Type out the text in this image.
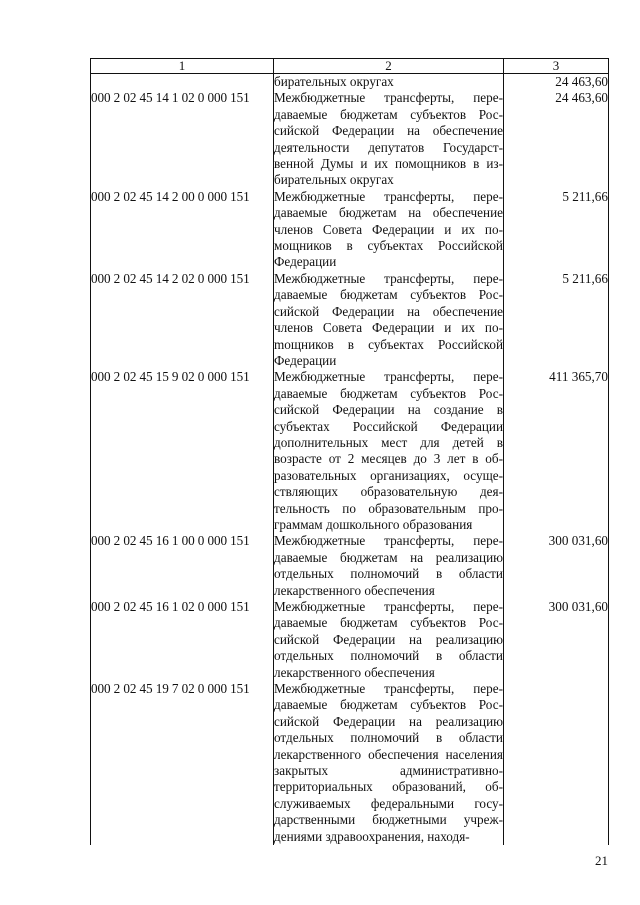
1	2	3
	бирательных округах	24 463,60
000 2 02 45 14 1 02 0 000 151	Межбюджетные трансферты, передаваемые бюджетам субъектов Российской Федерации на обеспечение деятельности депутатов Государственной Думы и их помощников в избирательных округах	24 463,60
000 2 02 45 14 2 00 0 000 151	Межбюджетные трансферты, передаваемые бюджетам на обеспечение членов Совета Федерации и их помощников в субъектах Российской Федерации	5 211,66
000 2 02 45 14 2 02 0 000 151	Межбюджетные трансферты, передаваемые бюджетам субъектов Российской Федерации на обеспечение членов Совета Федерации и их поmощников в субъектах Российской Федерации	5 211,66
000 2 02 45 15 9 02 0 000 151	Межбюджетные трансферты, передаваемые бюджетам субъектов Российской Федерации на создание в субъектах Российской Федерации дополнительных мест для детей в возрасте от 2 месяцев до 3 лет в образовательных организациях, осуществляющих образовательную деятельность по образовательным программам дошкольного образования	411 365,70
000 2 02 45 16 1 00 0 000 151	Межбюджетные трансферты, передаваемые бюджетам на реализацию отдельных полномочий в области лекарственного обеспечения	300 031,60
000 2 02 45 16 1 02 0 000 151	Межбюджетные трансферты, передаваемые бюджетам субъектов Российской Федерации на реализацию отдельных полномочий в области лекарственного обеспечения	300 031,60
000 2 02 45 19 7 02 0 000 151	Межбюджетные трансферты, передаваемые бюджетам субъектов Российской Федерации на реализацию отдельных полномочий в области лекарственного обеспечения населения закрытых административно-территориальных образований, обслуживаемых федеральными государственными бюджетными учреждениями здравоохранения, находя-	
21
